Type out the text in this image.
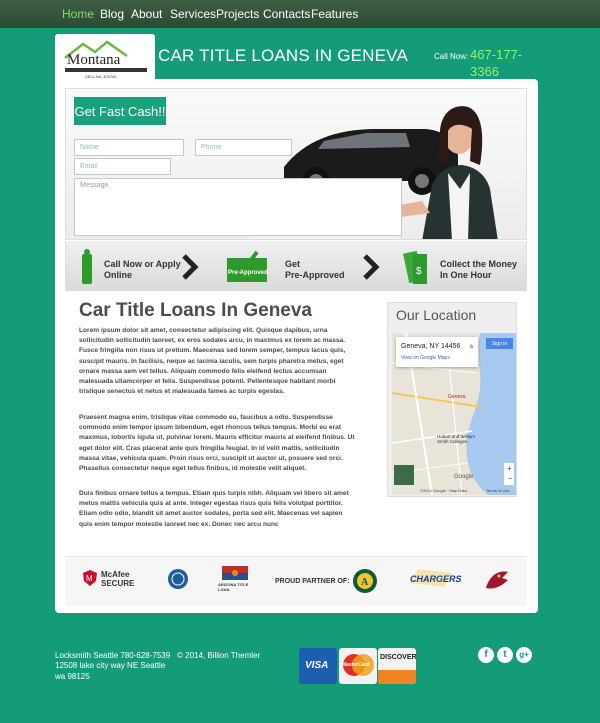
Home Blog About Services Projects Contacts Features
Montana
CELL No. 403784
CAR TITLE LOANS IN GENEVA	Call Now: 467-177-3366
Get Fast Cash!!
Name
Phone
Email
Message
Call Now or Apply
Online	Pre-Approved
Get
Pre-Approved	$
Collect the Money
In One Hour
Car Title Loans In Geneva

Lorem ipsum dolor sit amet, consectetur adipiscing elit. Quisque dapibus, urna sollicitudin sollicitudin laoreet, ex eros sodales arcu, in maximus ex lorem ac massa. Fusce fringilla non risus ut pretium. Maecenas sed lorem semper, tempus lacus quis, suscipit mauris. In facilisis, neque ac lacinia iaculis, sem turpis pharetra metus, eget ornare massa sem vel tellus. Aliquam commodo felis eleifend lectus accumsan malesuada ullamcorper et felis. Suspendisse potenti. Pellentesque habitant morbi tristique senectus et netus et malesuada fames ac turpis egestas.

Praesent magna enim, tristique vitae commodo eu, faucibus a odio. Suspendisse commodo enim tempor ipsum bibendum, eget rhoncus tellus tempus. Morbi eu erat maximus, lobortis ligula ut, pulvinar lorem. Mauris efficitur mauris at eleifend finibus. Ut eget dolor elit. Cras placerat ante quis fringilla feugiat. In id velit mattis, sollicitudin massa vitae, vehicula quam. Proin risus orci, suscipit ut auctor ut, posuere sed orci. Phasellus consectetur neque eget tellus finibus, id molestie velit aliquet.

Duis finibus ornare tellus a tempus. Etiam quis turpis nibh. Aliquam vel libero sit amet metus mattis vehicula quis at ante. Integer egestas risus quis felis volutpat porttitor. Etiam odio odio, blandit sit amet auctor sodales, porta sed elit. Maecenas vel sapien quis enim tempor molestie laoreet nec ex. Donec nec arcu nunc

Our Location
Geneva, NY 14456 ★
View on Google Maps
Sign in
Geneva
Hobart and William Smith Colleges
Google
+
−
©2014 Google · Map Data	Terms of Use
M McAfee
SECURE	ARIZONA TITLE LOAN
PROUD PARTNER OF: A	CHARGERS
Locksmith Seattle 780-628-7539
12508 lake city way NE Seattle wa 98125
© 2014, Billion Themler
VISA	MasterCard
DISCOVER	f	t	g+
